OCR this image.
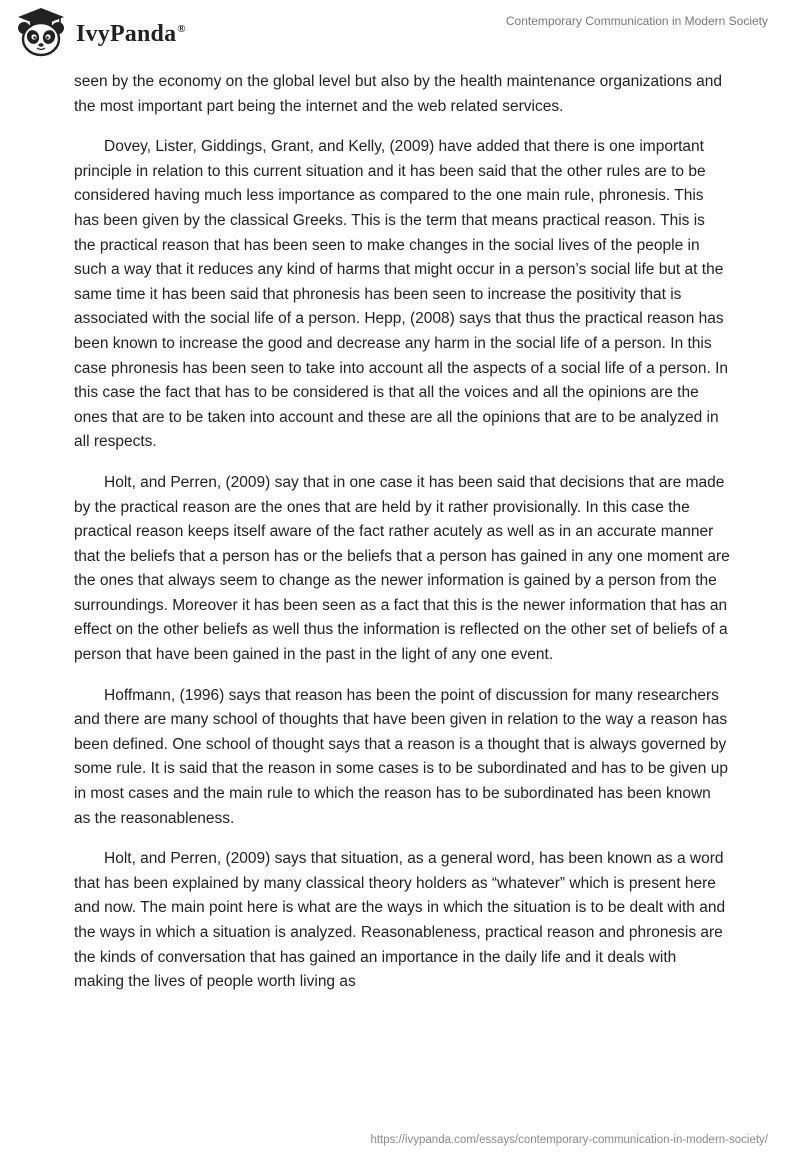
IvyPanda®
Contemporary Communication in Modern Society

seen by the economy on the global level but also by the health maintenance organizations and the most important part being the internet and the web related services.

Dovey, Lister, Giddings, Grant, and Kelly, (2009) have added that there is one important principle in relation to this current situation and it has been said that the other rules are to be considered having much less importance as compared to the one main rule, phronesis. This has been given by the classical Greeks. This is the term that means practical reason. This is the practical reason that has been seen to make changes in the social lives of the people in such a way that it reduces any kind of harms that might occur in a person’s social life but at the same time it has been said that phronesis has been seen to increase the positivity that is associated with the social life of a person. Hepp, (2008) says that thus the practical reason has been known to increase the good and decrease any harm in the social life of a person. In this case phronesis has been seen to take into account all the aspects of a social life of a person. In this case the fact that has to be considered is that all the voices and all the opinions are the ones that are to be taken into account and these are all the opinions that are to be analyzed in all respects.

Holt, and Perren, (2009) say that in one case it has been said that decisions that are made by the practical reason are the ones that are held by it rather provisionally. In this case the practical reason keeps itself aware of the fact rather acutely as well as in an accurate manner that the beliefs that a person has or the beliefs that a person has gained in any one moment are the ones that always seem to change as the newer information is gained by a person from the surroundings. Moreover it has been seen as a fact that this is the newer information that has an effect on the other beliefs as well thus the information is reflected on the other set of beliefs of a person that have been gained in the past in the light of any one event.

Hoffmann, (1996) says that reason has been the point of discussion for many researchers and there are many school of thoughts that have been given in relation to the way a reason has been defined. One school of thought says that a reason is a thought that is always governed by some rule. It is said that the reason in some cases is to be subordinated and has to be given up in most cases and the main rule to which the reason has to be subordinated has been known as the reasonableness.

Holt, and Perren, (2009) says that situation, as a general word, has been known as a word that has been explained by many classical theory holders as “whatever” which is present here and now. The main point here is what are the ways in which the situation is to be dealt with and the ways in which a situation is analyzed. Reasonableness, practical reason and phronesis are the kinds of conversation that has gained an importance in the daily life and it deals with making the lives of people worth living as

https://ivypanda.com/essays/contemporary-communication-in-modern-society/
